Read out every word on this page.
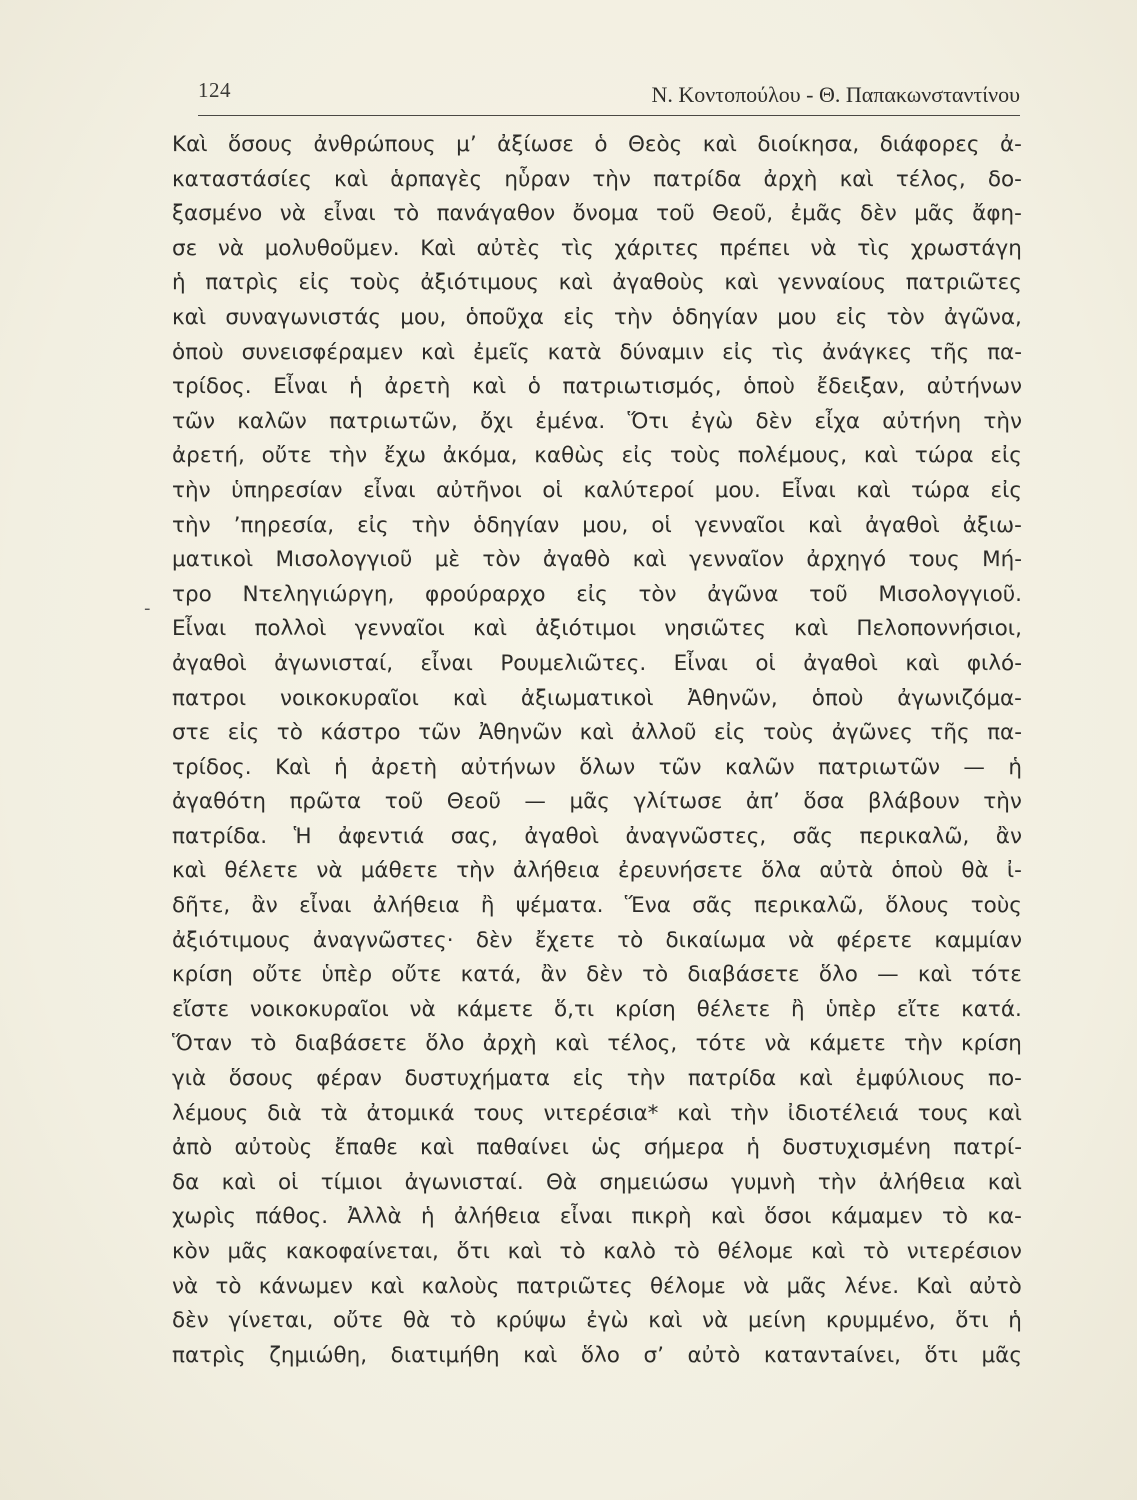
124	Ν. Κοντοπούλου - Θ. Παπακωνσταντίνου
-
Καὶ ὅσους ἀνθρώπους μ’ ἀξίωσε ὁ Θεὸς καὶ διοίκησα, διάφορες ἀ-
καταστάσίες καὶ ἁρπαγὲς ηὗραν τὴν πατρίδα ἀρχὴ καὶ τέλος, δο-
ξασμένο νὰ εἶναι τὸ πανάγαθον ὄνομα τοῦ Θεοῦ, ἐμᾶς δὲν μᾶς ἄφη-
σε νὰ μολυθοῦμεν. Καὶ αὐτὲς τὶς χάριτες πρέπει νὰ τὶς χρωστάγη
ἡ πατρὶς εἰς τοὺς ἀξιότιμους καὶ ἀγαθοὺς καὶ γενναίους πατριῶτες
καὶ συναγωνιστάς μου, ὁποῦχα εἰς τὴν ὁδηγίαν μου εἰς τὸν ἀγῶνα,
ὁποὺ συνεισφέραμεν καὶ ἐμεῖς κατὰ δύναμιν εἰς τὶς ἀνάγκες τῆς πα-
τρίδος. Εἶναι ἡ ἀρετὴ καὶ ὁ πατριωτισμός, ὁποὺ ἔδειξαν, αὐτήνων
τῶν καλῶν πατριωτῶν, ὄχι ἐμένα. Ὅτι ἐγὼ δὲν εἶχα αὐτήνη τὴν
ἀρετή, οὔτε τὴν ἔχω ἀκόμα, καθὼς εἰς τοὺς πολέμους, καὶ τώρα εἰς
τὴν ὑπηρεσίαν εἶναι αὐτῆνοι οἱ καλύτεροί μου. Εἶναι καὶ τώρα εἰς
τὴν ’πηρεσία, εἰς τὴν ὁδηγίαν μου, οἱ γενναῖοι καὶ ἀγαθοὶ ἀξιω-
ματικοὶ Μισολογγιοῦ μὲ τὸν ἀγαθὸ καὶ γενναῖον ἀρχηγό τους Μή-
τρο Ντεληγιώργη, φρούραρχο εἰς τὸν ἀγῶνα τοῦ Μισολογγιοῦ.
Εἶναι πολλοὶ γενναῖοι καὶ ἀξιότιμοι νησιῶτες καὶ Πελοποννήσιοι,
ἀγαθοὶ ἀγωνισταί, εἶναι Ρουμελιῶτες. Εἶναι οἱ ἀγαθοὶ καὶ φιλό-
πατροι νοικοκυραῖοι καὶ ἀξιωματικοὶ Ἀθηνῶν, ὁποὺ ἀγωνιζόμα-
στε εἰς τὸ κάστρο τῶν Ἀθηνῶν καὶ ἀλλοῦ εἰς τοὺς ἀγῶνες τῆς πα-
τρίδος. Καὶ ἡ ἀρετὴ αὐτήνων ὅλων τῶν καλῶν πατριωτῶν — ἡ
ἀγαθότη πρῶτα τοῦ Θεοῦ — μᾶς γλίτωσε ἀπ’ ὅσα βλάβουν τὴν
πατρίδα. Ἡ ἀφεντιά σας, ἀγαθοὶ ἀναγνῶστες, σᾶς περικαλῶ, ἂν
καὶ θέλετε νὰ μάθετε τὴν ἀλήθεια ἐρευνήσετε ὅλα αὐτὰ ὁποὺ θὰ ἰ-
δῆτε, ἂν εἶναι ἀλήθεια ἢ ψέματα. Ἕνα σᾶς περικαλῶ, ὅλους τοὺς
ἀξιότιμους ἀναγνῶστες· δὲν ἔχετε τὸ δικαίωμα νὰ φέρετε καμμίαν
κρίση οὔτε ὑπὲρ οὔτε κατά, ἂν δὲν τὸ διαβάσετε ὅλο — καὶ τότε
εἴστε νοικοκυραῖοι νὰ κάμετε ὅ,τι κρίση θέλετε ἢ ὑπὲρ εἴτε κατά.
Ὅταν τὸ διαβάσετε ὅλο ἀρχὴ καὶ τέλος, τότε νὰ κάμετε τὴν κρίση
γιὰ ὅσους φέραν δυστυχήματα εἰς τὴν πατρίδα καὶ ἐμφύλιους πο-
λέμους διὰ τὰ ἀτομικά τους νιτερέσια* καὶ τὴν ἰδιοτέλειά τους καὶ
ἀπὸ αὐτοὺς ἔπαθε καὶ παθαίνει ὡς σήμερα ἡ δυστυχισμένη πατρί-
δα καὶ οἱ τίμιοι ἀγωνισταί. Θὰ σημειώσω γυμνὴ τὴν ἀλήθεια καὶ
χωρὶς πάθος. Ἀλλὰ ἡ ἀλήθεια εἶναι πικρὴ καὶ ὅσοι κάμαμεν τὸ κα-
κὸν μᾶς κακοφαίνεται, ὅτι καὶ τὸ καλὸ τὸ θέλομε καὶ τὸ νιτερέσιον
νὰ τὸ κάνωμεν καὶ καλοὺς πατριῶτες θέλομε νὰ μᾶς λένε. Καὶ αὐτὸ
δὲν γίνεται, οὔτε θὰ τὸ κρύψω ἐγὼ καὶ νὰ μείνη κρυμμένο, ὅτι ἡ
πατρὶς ζημιώθη, διατιμήθη καὶ ὅλο σ’ αὐτὸ καταντaίνει, ὅτι μᾶς
